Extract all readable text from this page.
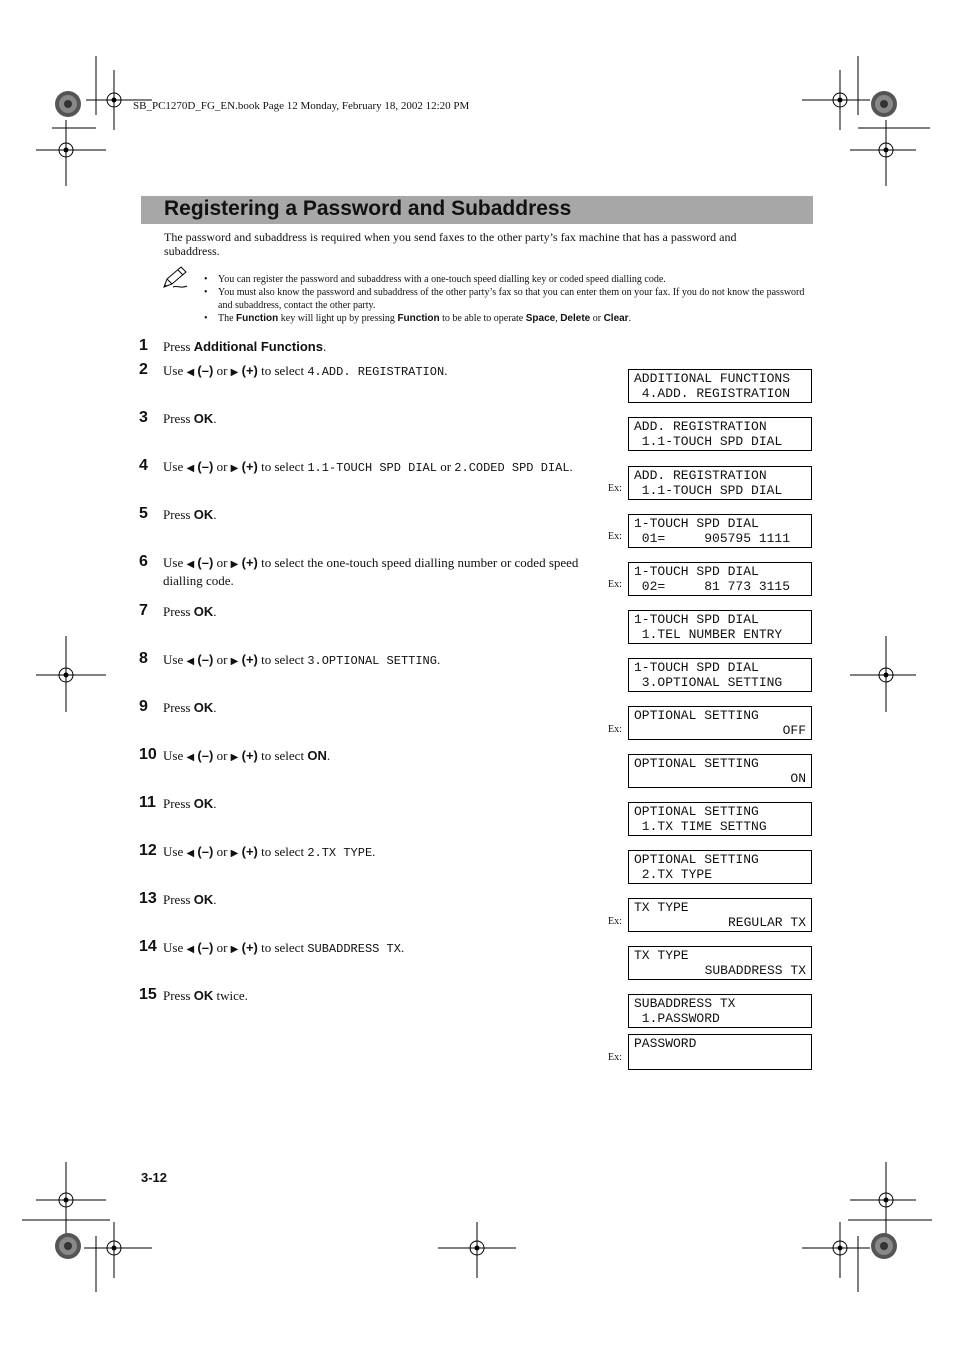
SB_PC1270D_FG_EN.book Page 12 Monday, February 18, 2002 12:20 PM
Registering a Password and Subaddress
The password and subaddress is required when you send faxes to the other party’s fax machine that has a password and subaddress.
• You can register the password and subaddress with a one-touch speed dialling key or coded speed dialling code.
• You must also know the password and subaddress of the other party’s fax so that you can enter them on your fax. If you do not know the password and subaddress, contact the other party.
• The Function key will light up by pressing Function to be able to operate Space, Delete or Clear.
1 Press Additional Functions.
2 Use ◀ (–) or ▶ (+) to select 4.ADD. REGISTRATION.
3 Press OK.
4 Use ◀ (–) or ▶ (+) to select 1.1-TOUCH SPD DIAL or 2.CODED SPD DIAL.
5 Press OK.
6 Use ◀ (–) or ▶ (+) to select the one-touch speed dialling number or coded speed dialling code.
7 Press OK.
8 Use ◀ (–) or ▶ (+) to select 3.OPTIONAL SETTING.
9 Press OK.
10 Use ◀ (–) or ▶ (+) to select ON.
11 Press OK.
12 Use ◀ (–) or ▶ (+) to select 2.TX TYPE.
13 Press OK.
14 Use ◀ (–) or ▶ (+) to select SUBADDRESS TX.
15 Press OK twice.
ADDITIONAL FUNCTIONS
4.ADD. REGISTRATION
ADD. REGISTRATION
1.1-TOUCH SPD DIAL
Ex:
ADD. REGISTRATION
1.1-TOUCH SPD DIAL
Ex:
1-TOUCH SPD DIAL
01=     905795 1111
Ex:
1-TOUCH SPD DIAL
02=     81 773 3115
1-TOUCH SPD DIAL
1.TEL NUMBER ENTRY
1-TOUCH SPD DIAL
3.OPTIONAL SETTING
Ex:
OPTIONAL SETTING
OFF
OPTIONAL SETTING
ON
OPTIONAL SETTING
1.TX TIME SETTNG
OPTIONAL SETTING
2.TX TYPE
Ex:
TX TYPE
REGULAR TX
TX TYPE
SUBADDRESS TX
SUBADDRESS TX
1.PASSWORD
Ex:
PASSWORD
3-12
